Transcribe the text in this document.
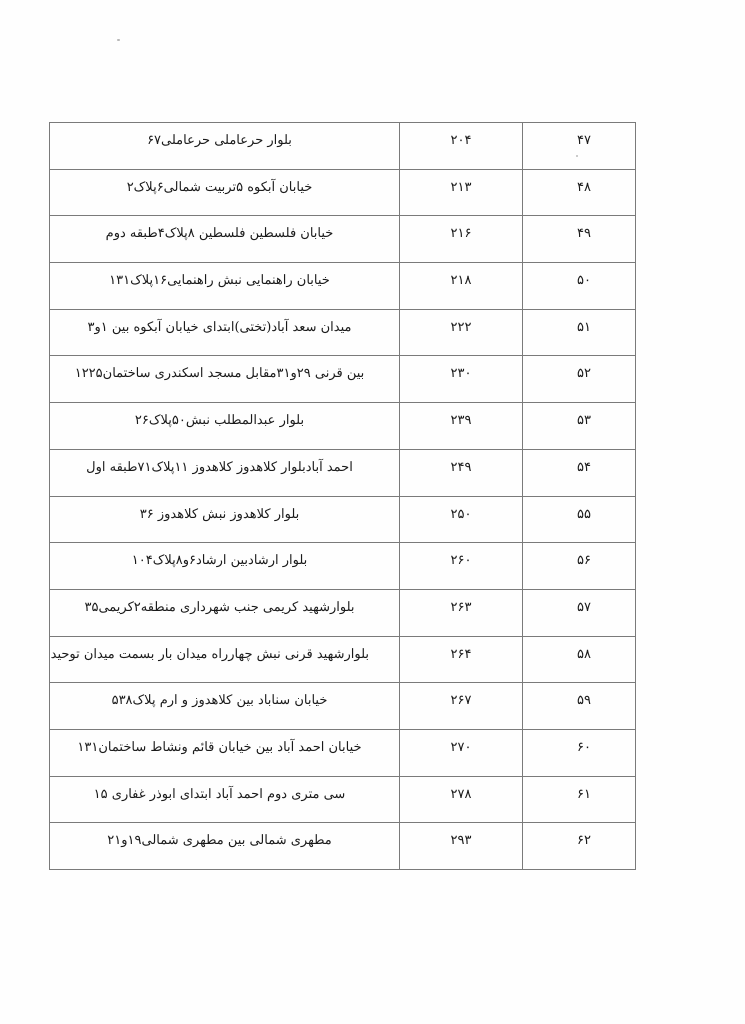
۴۷	۲۰۴	بلوار حرعاملی حرعاملی۶۷

۴۸	۲۱۳	خیابان آبکوه ۵تربیت شمالی۶پلاک۲

۴۹	۲۱۶	خیابان فلسطین فلسطین ۸پلاک۴طبقه دوم

۵۰	۲۱۸	خیابان راهنمایی نبش راهنمایی۱۶پلاک۱۳۱

۵۱	۲۲۲	میدان سعد آباد(تختی)ابتدای خیابان آبکوه بین ۱و۳

۵۲	۲۳۰	بین قرنی ۲۹و۳۱مقابل مسجد اسکندری ساختمان۱۲۲۵

۵۳	۲۳۹	بلوار عبدالمطلب نبش۵۰پلاک۲۶

۵۴	۲۴۹	احمد آبادبلوار کلاهدوز کلاهدوز ۱۱پلاک۷۱طبقه اول

۵۵	۲۵۰	بلوار کلاهدوز نبش کلاهدوز ۳۶

۵۶	۲۶۰	بلوار ارشادبین ارشاد۶و۸پلاک۱۰۴

۵۷	۲۶۳	بلوارشهید کریمی جنب شهرداری منطقه۲کریمی۳۵

۵۸	۲۶۴	بلوارشهید قرنی نبش چهارراه میدان بار بسمت میدان توحید

۵۹	۲۶۷	خیابان سناباد بین کلاهدوز و ارم پلاک۵۳۸

۶۰	۲۷۰	خیابان احمد آباد بین خیابان قائم ونشاط ساختمان۱۳۱

۶۱	۲۷۸	سی متری دوم احمد آباد ابتدای ابوذر غفاری ۱۵

۶۲	۲۹۳	مطهری شمالی بین مطهری شمالی۱۹و۲۱
